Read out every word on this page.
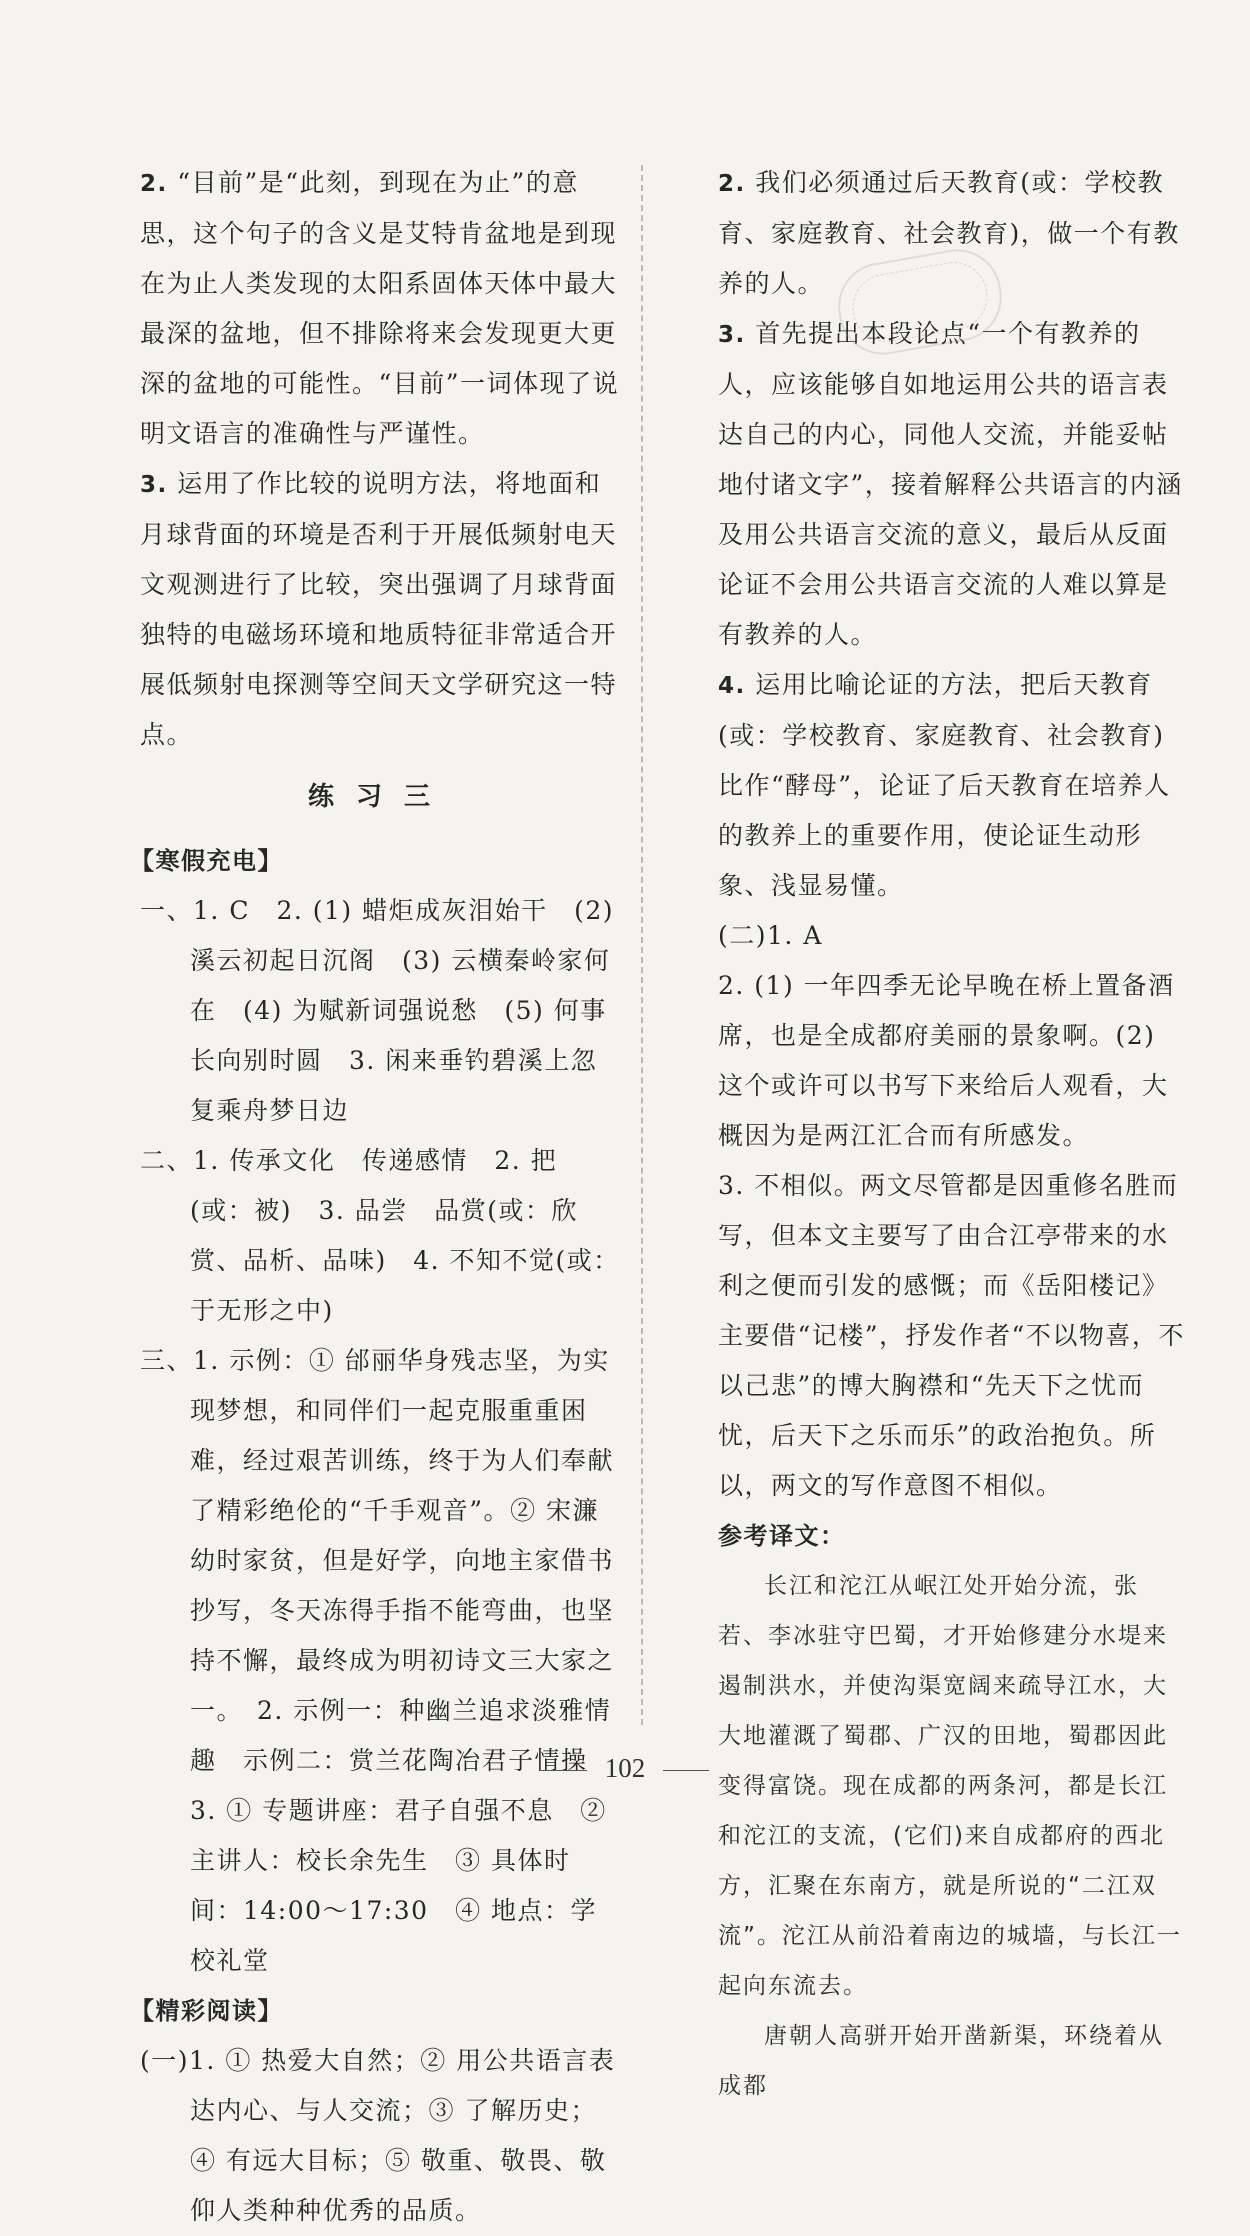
2. “目前”是“此刻，到现在为止”的意思，这个句子的含义是艾特肯盆地是到现在为止人类发现的太阳系固体天体中最大最深的盆地，但不排除将来会发现更大更深的盆地的可能性。“目前”一词体现了说明文语言的准确性与严谨性。

3. 运用了作比较的说明方法，将地面和月球背面的环境是否利于开展低频射电天文观测进行了比较，突出强调了月球背面独特的电磁场环境和地质特征非常适合开展低频射电探测等空间天文学研究这一特点。

练习三

【寒假充电】

一、1. C　2. (1) 蜡炬成灰泪始干　(2) 溪云初起日沉阁　(3) 云横秦岭家何在　(4) 为赋新词强说愁　(5) 何事长向别时圆　3. 闲来垂钓碧溪上忽复乘舟梦日边

二、1. 传承文化　传递感情　2. 把(或：被)　3. 品尝　品赏(或：欣赏、品析、品味)　4. 不知不觉(或：于无形之中)

三、1. 示例：① 邰丽华身残志坚，为实现梦想，和同伴们一起克服重重困难，经过艰苦训练，终于为人们奉献了精彩绝伦的“千手观音”。② 宋濂幼时家贫，但是好学，向地主家借书抄写，冬天冻得手指不能弯曲，也坚持不懈，最终成为明初诗文三大家之一。　2. 示例一：种幽兰追求淡雅情趣　示例二：赏兰花陶冶君子情操　3. ① 专题讲座：君子自强不息　② 主讲人：校长余先生　③ 具体时间：14:00～17:30　④ 地点：学校礼堂

【精彩阅读】

(一)1. ① 热爱大自然；② 用公共语言表达内心、与人交流；③ 了解历史；④ 有远大目标；⑤ 敬重、敬畏、敬仰人类种种优秀的品质。

2. 我们必须通过后天教育(或：学校教育、家庭教育、社会教育)，做一个有教养的人。

3. 首先提出本段论点“一个有教养的人，应该能够自如地运用公共的语言表达自己的内心，同他人交流，并能妥帖地付诸文字”，接着解释公共语言的内涵及用公共语言交流的意义，最后从反面论证不会用公共语言交流的人难以算是有教养的人。

4. 运用比喻论证的方法，把后天教育(或：学校教育、家庭教育、社会教育)比作“酵母”，论证了后天教育在培养人的教养上的重要作用，使论证生动形象、浅显易懂。

(二)1. A

2. (1) 一年四季无论早晚在桥上置备酒席，也是全成都府美丽的景象啊。(2) 这个或许可以书写下来给后人观看，大概因为是两江汇合而有所感发。

3. 不相似。两文尽管都是因重修名胜而写，但本文主要写了由合江亭带来的水利之便而引发的感慨；而《岳阳楼记》主要借“记楼”，抒发作者“不以物喜，不以己悲”的博大胸襟和“先天下之忧而忧，后天下之乐而乐”的政治抱负。所以，两文的写作意图不相似。

参考译文：

长江和沱江从岷江处开始分流，张若、李冰驻守巴蜀，才开始修建分水堤来遏制洪水，并使沟渠宽阔来疏导江水，大大地灌溉了蜀郡、广汉的田地，蜀郡因此变得富饶。现在成都的两条河，都是长江和沱江的支流，(它们)来自成都府的西北方，汇聚在东南方，就是所说的“二江双流”。沱江从前沿着南边的城墙，与长江一起向东流去。

唐朝人高骈开始开凿新渠，环绕着从成都

102
